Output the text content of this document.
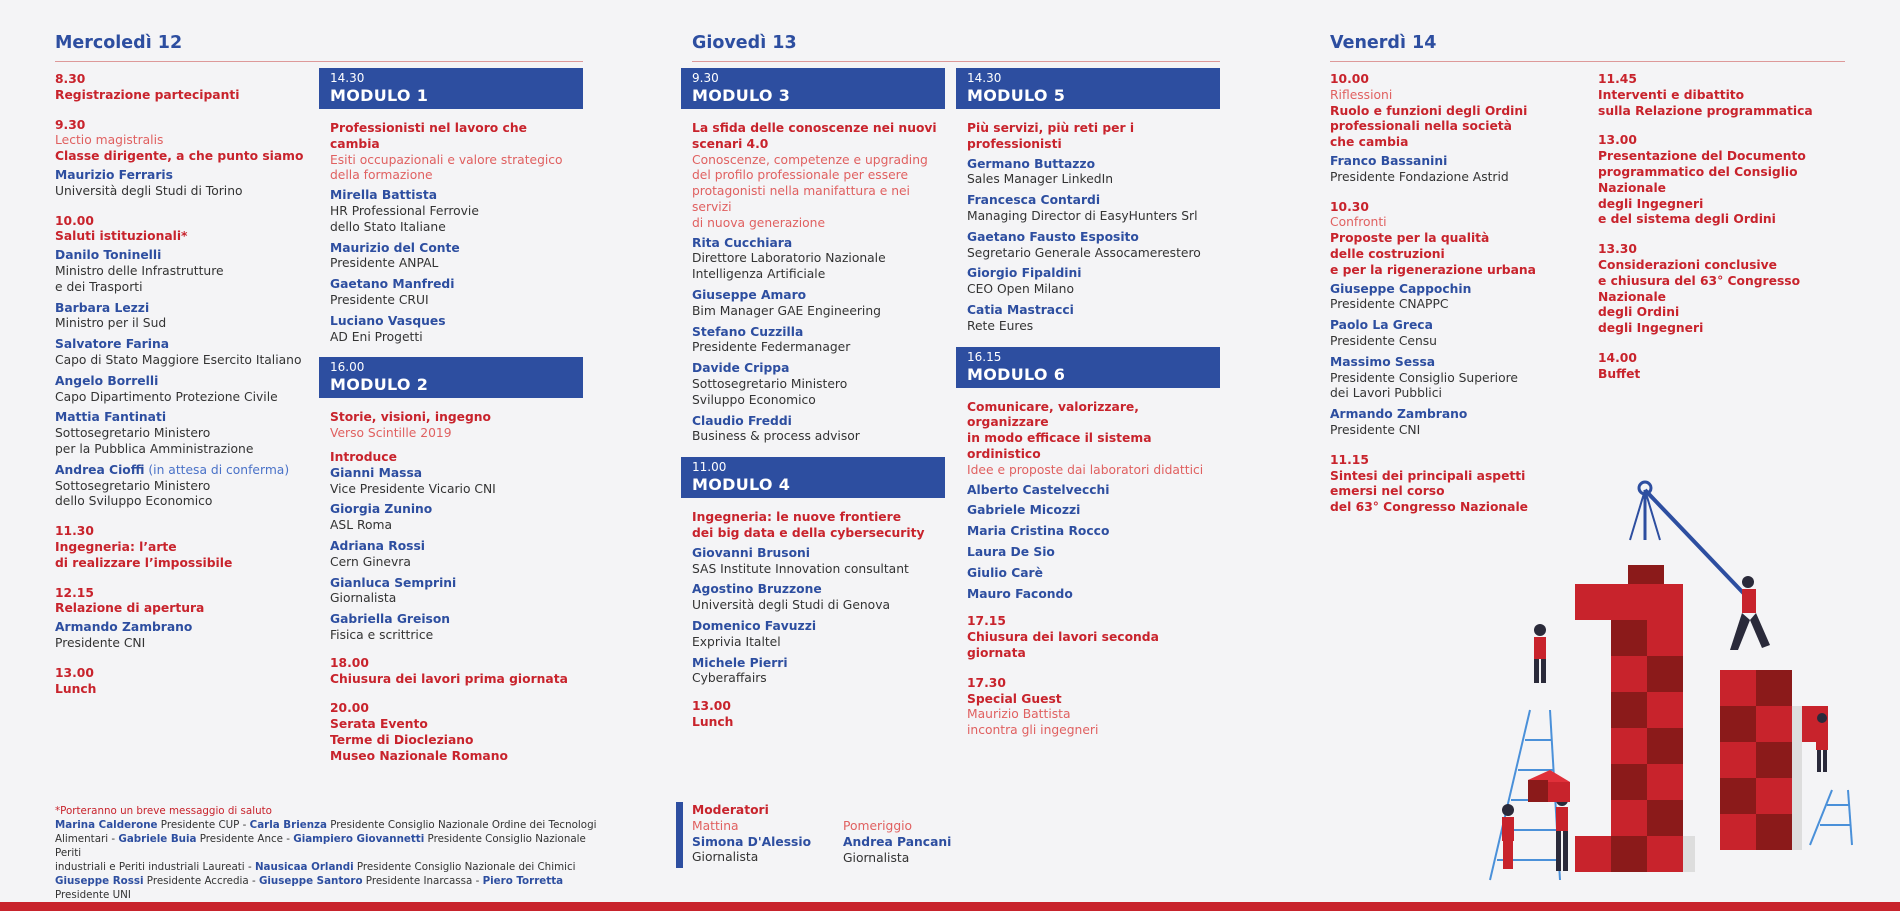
Mercoledì 12	Giovedì 13	Venerdì 14
8.30
Registrazione partecipanti
9.30
Lectio magistralis
Classe dirigente, a che punto siamo
Maurizio Ferraris
Università degli Studi di Torino
10.00
Saluti istituzionali*
Danilo Toninelli
Ministro delle Infrastrutture
e dei Trasporti
Barbara Lezzi
Ministro per il Sud
Salvatore Farina
Capo di Stato Maggiore Esercito Italiano
Angelo Borrelli
Capo Dipartimento Protezione Civile
Mattia Fantinati
Sottosegretario Ministero
per la Pubblica Amministrazione
Andrea Cioffi (in attesa di conferma)
Sottosegretario Ministero
dello Sviluppo Economico
11.30
Ingegneria: l’arte
di realizzare l’impossibile
12.15
Relazione di apertura
Armando Zambrano
Presidente CNI
13.00
Lunch
14.30
MODULO 1
Professionisti nel lavoro che cambia
Esiti occupazionali e valore strategico
della formazione
Mirella Battista
HR Professional Ferrovie
dello Stato Italiane
Maurizio del Conte
Presidente ANPAL
Gaetano Manfredi
Presidente CRUI
Luciano Vasques
AD Eni Progetti
16.00
MODULO 2
Storie, visioni, ingegno
Verso Scintille 2019
Introduce
Gianni Massa
Vice Presidente Vicario CNI
Giorgia Zunino
ASL Roma
Adriana Rossi
Cern Ginevra
Gianluca Semprini
Giornalista
Gabriella Greison
Fisica e scrittrice
18.00
Chiusura dei lavori prima giornata
20.00
Serata Evento
Terme di Diocleziano
Museo Nazionale Romano
9.30
MODULO 3
La sfida delle conoscenze nei nuovi
scenari 4.0
Conoscenze, competenze e upgrading
del profilo professionale per essere
protagonisti nella manifattura e nei servizi
di nuova generazione
Rita Cucchiara
Direttore Laboratorio Nazionale
Intelligenza Artificiale
Giuseppe Amaro
Bim Manager GAE Engineering
Stefano Cuzzilla
Presidente Federmanager
Davide Crippa
Sottosegretario Ministero
Sviluppo Economico
Claudio Freddi
Business & process advisor
11.00
MODULO 4
Ingegneria: le nuove frontiere
dei big data e della cybersecurity
Giovanni Brusoni
SAS Institute Innovation consultant
Agostino Bruzzone
Università degli Studi di Genova
Domenico Favuzzi
Exprivia Italtel
Michele Pierri
Cyberaffairs
13.00
Lunch
14.30
MODULO 5
Più servizi, più reti per i professionisti
Germano Buttazzo
Sales Manager LinkedIn
Francesca Contardi
Managing Director di EasyHunters Srl
Gaetano Fausto Esposito
Segretario Generale Assocamerestero
Giorgio Fipaldini
CEO Open Milano
Catia Mastracci
Rete Eures
16.15
MODULO 6
Comunicare, valorizzare, organizzare
in modo efficace il sistema ordinistico
Idee e proposte dai laboratori didattici
Alberto Castelvecchi
Gabriele Micozzi
Maria Cristina Rocco
Laura De Sio
Giulio Carè
Mauro Facondo
17.15
Chiusura dei lavori seconda giornata
17.30
Special Guest
Maurizio Battista
incontra gli ingegneri
10.00
Riflessioni
Ruolo e funzioni degli Ordini
professionali nella società
che cambia
Franco Bassanini
Presidente Fondazione Astrid
10.30
Confronti
Proposte per la qualità
delle costruzioni
e per la rigenerazione urbana
Giuseppe Cappochin
Presidente CNAPPC
Paolo La Greca
Presidente Censu
Massimo Sessa
Presidente Consiglio Superiore
dei Lavori Pubblici
Armando Zambrano
Presidente CNI
11.15
Sintesi dei principali aspetti
emersi nel corso
del 63° Congresso Nazionale
11.45
Interventi e dibattito
sulla Relazione programmatica
13.00
Presentazione del Documento
programmatico del Consiglio Nazionale
degli Ingegneri
e del sistema degli Ordini
13.30
Considerazioni conclusive
e chiusura del 63° Congresso Nazionale
degli Ordini
degli Ingegneri
14.00
Buffet
*Porteranno un breve messaggio di saluto
Marina Calderone Presidente CUP - Carla Brienza Presidente Consiglio Nazionale Ordine dei Tecnologi
Alimentari - Gabriele Buia Presidente Ance - Giampiero Giovannetti Presidente Consiglio Nazionale Periti
industriali e Periti industriali Laureati - Nausicaa Orlandi Presidente Consiglio Nazionale dei Chimici
Giuseppe Rossi Presidente Accredia - Giuseppe Santoro Presidente Inarcassa - Piero Torretta Presidente UNI
Moderatori
Mattina
Simona D'Alessio
Giornalista
Pomeriggio
Andrea Pancani
Giornalista
